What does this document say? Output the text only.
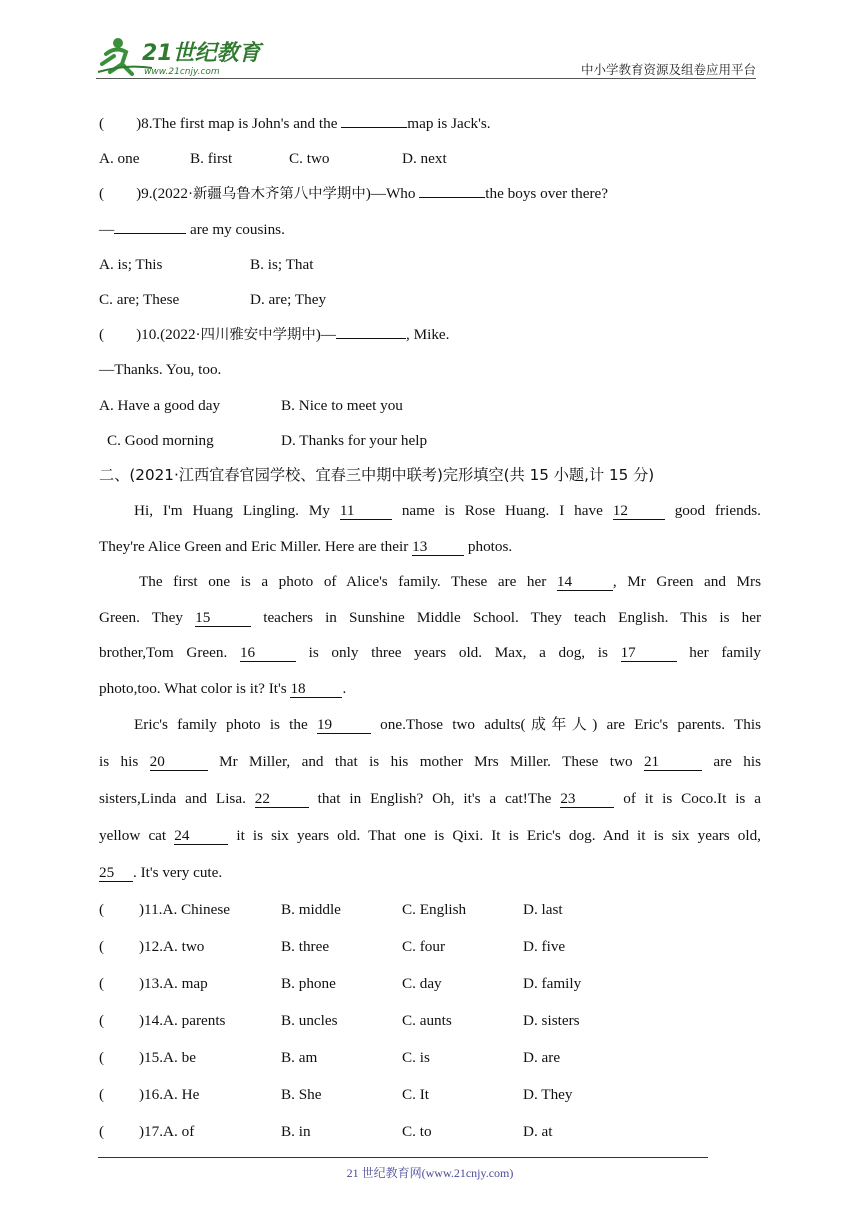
21世纪教育
www.21cnjy.com	中小学教育资源及组卷应用平台
( )8.The first map is John's and the	map is Jack's.
A. one	B. first	C. two	D. next
( )9.(2022·新疆乌鲁木齐第八中学期中)—Who	the boys over there?
—	are my cousins.
A. is; This	B. is; That
C. are; These	D. are; They
( )10.(2022·四川雅安中学期中)—	, Mike.
—Thanks. You, too.
A. Have a good day	B. Nice to meet you
C. Good morning	D. Thanks for your help
二、(2021·江西宜春官园学校、宜春三中期中联考)完形填空(共 15 小题,计 15 分)
Hi, I'm Huang Lingling. My 11 name is Rose Huang. I have 12 good friends.
They're Alice Green and Eric Miller. Here are their 13 photos.
The first one is a photo of Alice's family. These are her 14	, Mr Green and Mrs
Green. They 15	teachers in Sunshine Middle School. They teach English. This is her
brother,Tom Green. 16	is only three years old. Max, a dog, is 17	her family
photo,too. What color is it? It's 18 .
Eric's family photo is the 19	one.Those two adults(成年人) are Eric's parents. This
is his 20	Mr Miller, and that is his mother Mrs Miller. These two 21	are his
sisters,Linda and Lisa. 22	that in English? Oh, it's a cat!The 23	of it is Coco.It is a
yellow cat 24	it is six years old. That one is Qixi. It is Eric's dog. And it is six years old,
25 . It's very cute.
( )11.A. Chinese	B. middle	C. English	D. last
( )12.A. two	B. three	C. four	D. five
( )13.A. map	B. phone	C. day	D. family
( )14.A. parents	B. uncles	C. aunts	D. sisters
( )15.A. be	B. am	C. is	D. are
( )16.A. He	B. She	C. It	D. They
( )17.A. of	B. in	C. to	D. at
21 世纪教育网(www.21cnjy.com)
